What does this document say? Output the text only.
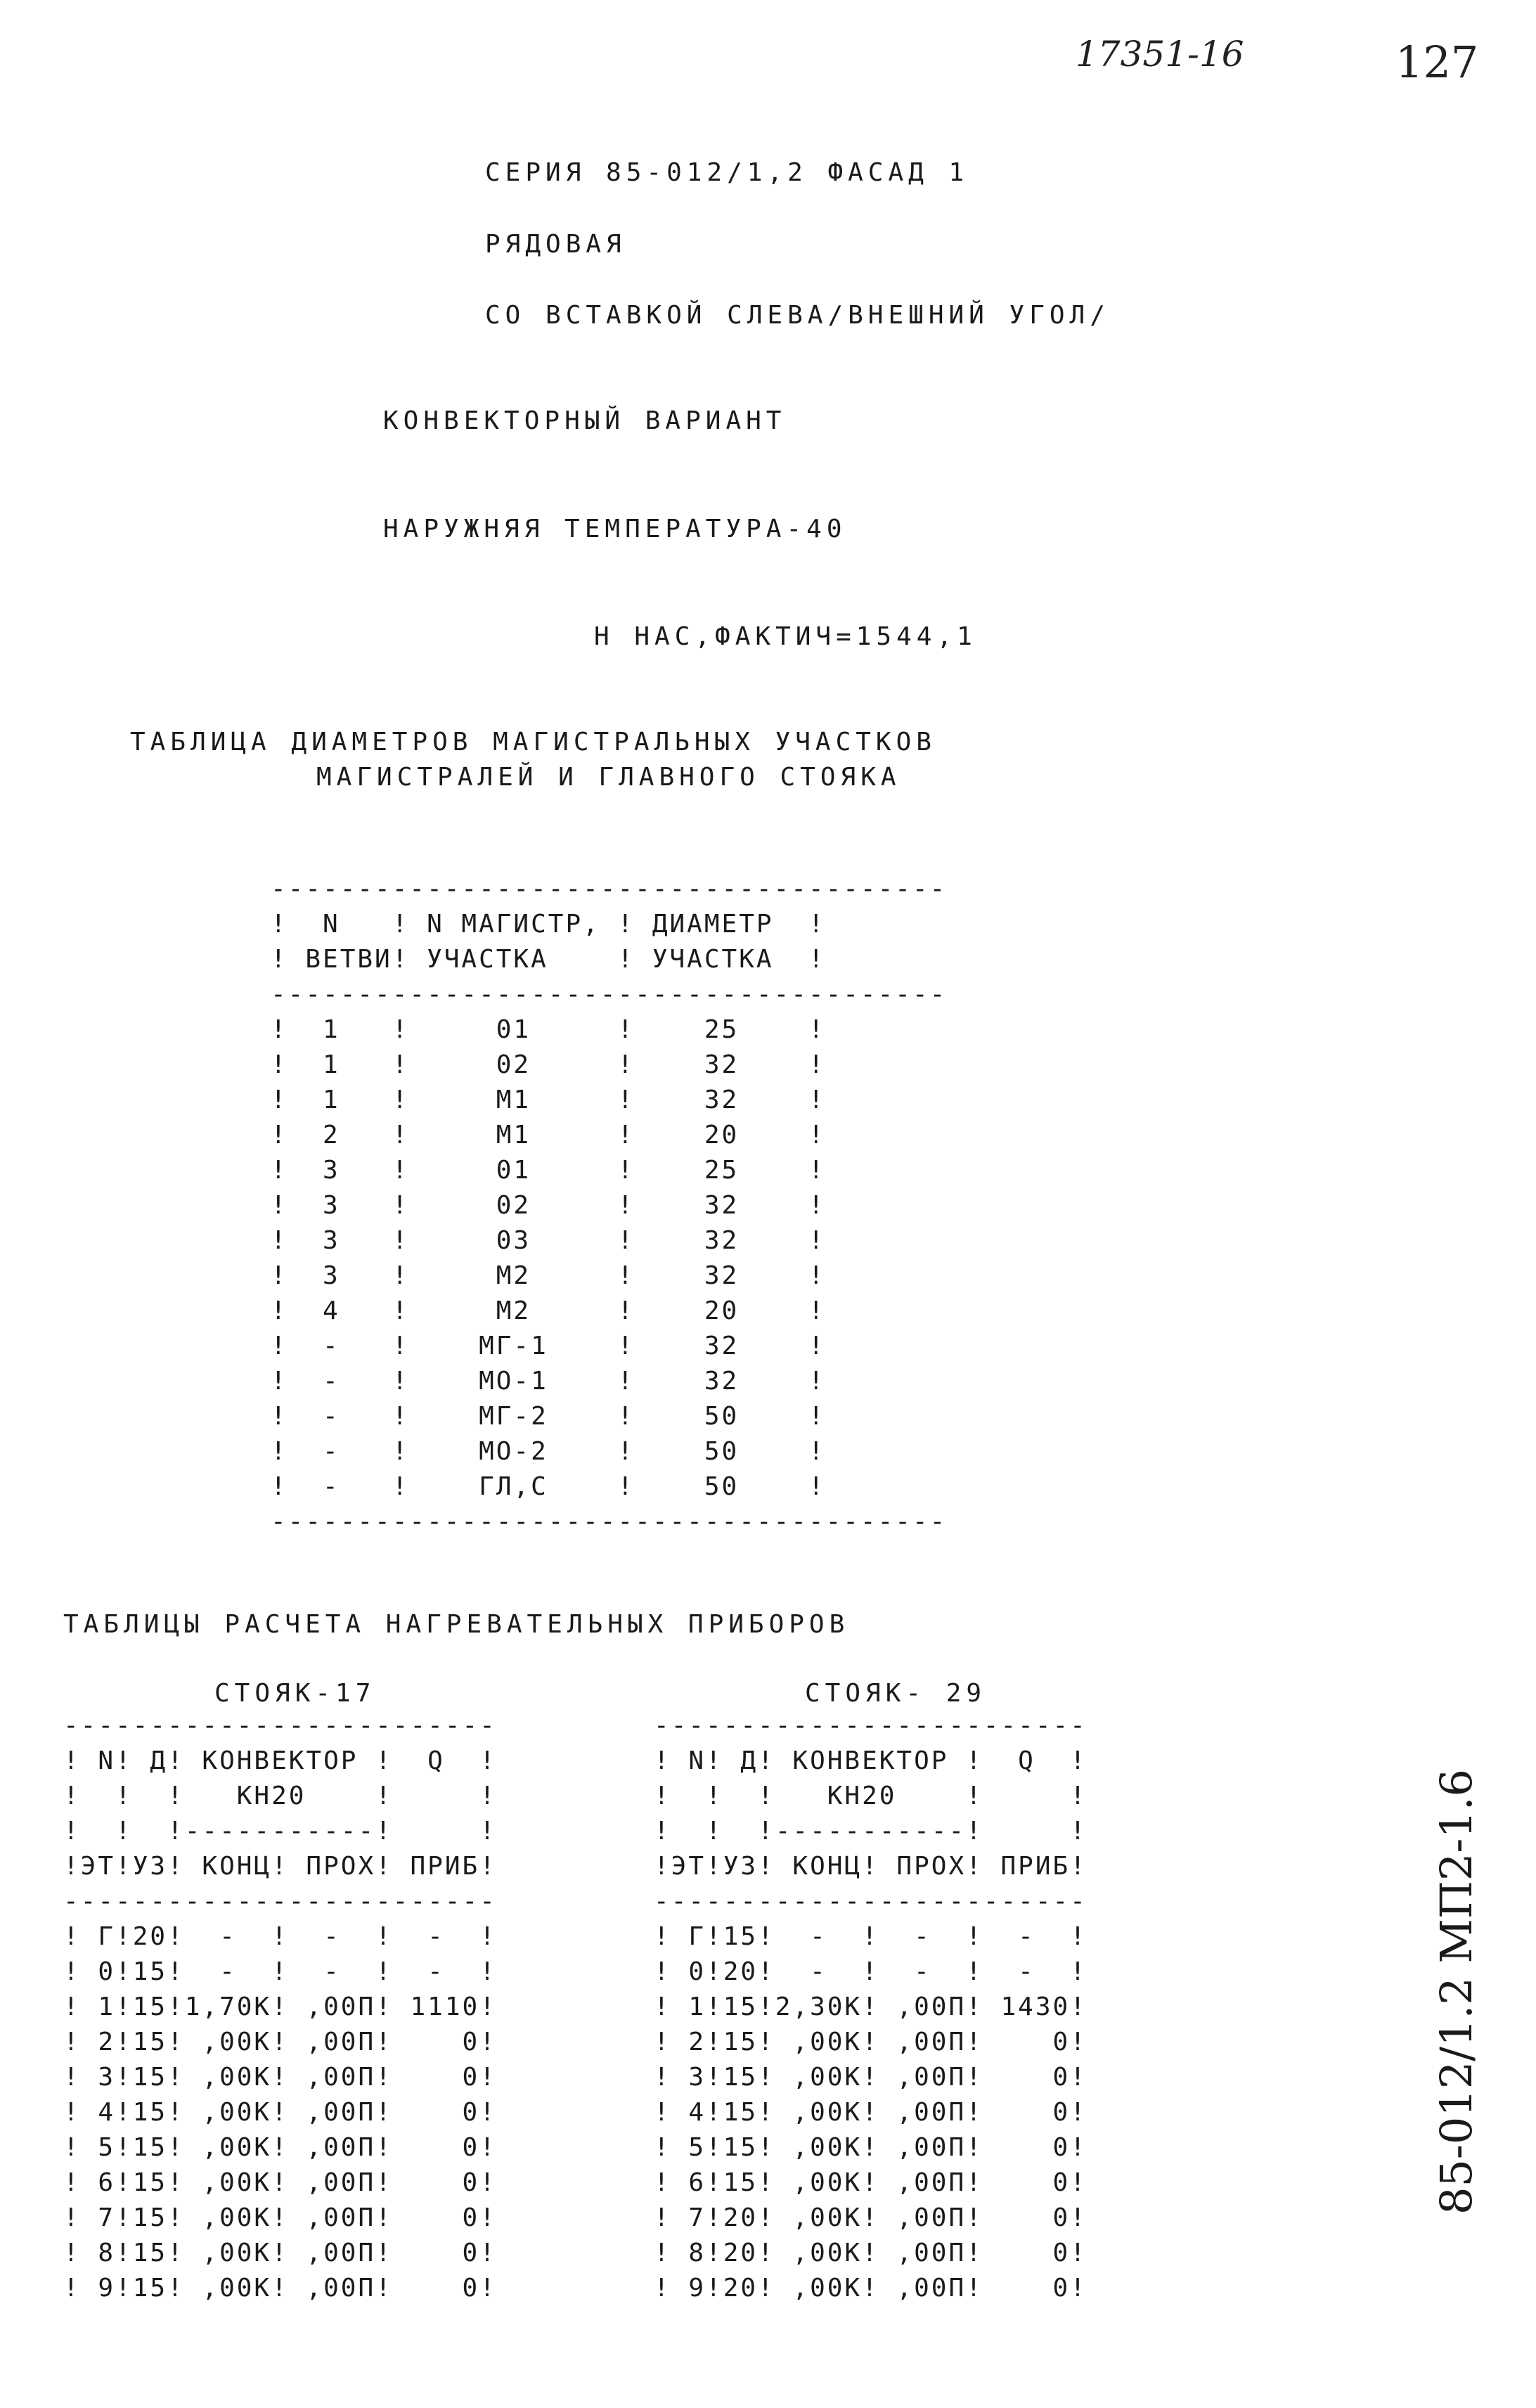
17351-16	127
СЕРИЯ 85-012/1,2 ФАСАД 1
РЯДОВАЯ
СО ВСТАВКОЙ СЛЕВА/ВНЕШНИЙ УГОЛ/
КОНВЕКТОРНЫЙ ВАРИАНТ
НАРУЖНЯЯ ТЕМПЕРАТУРА-40
Н НАС,ФАКТИЧ=1544,1
ТАБЛИЦА ДИАМЕТРОВ МАГИСТРАЛЬНЫХ УЧАСТКОВ
МАГИСТРАЛЕЙ И ГЛАВНОГО СТОЯКА
---------------------------------------
!  N   ! N МАГИСТР, ! ДИАМЕТР  !
! ВЕТВИ! УЧАСТКА    ! УЧАСТКА  !
---------------------------------------
!  1   !     01     !    25    !
!  1   !     02     !    32    !
!  1   !     М1     !    32    !
!  2   !     М1     !    20    !
!  3   !     01     !    25    !
!  3   !     02     !    32    !
!  3   !     03     !    32    !
!  3   !     М2     !    32    !
!  4   !     М2     !    20    !
!  -   !    МГ-1    !    32    !
!  -   !    МО-1    !    32    !
!  -   !    МГ-2    !    50    !
!  -   !    МО-2    !    50    !
!  -   !    ГЛ,С    !    50    !
---------------------------------------
ТАБЛИЦЫ РАСЧЕТА НАГРЕВАТЕЛЬНЫХ ПРИБОРОВ
СТОЯК-17	СТОЯК- 29
-------------------------
! N! Д! КОНВЕКТОР !  Q  !
!  !  !   КН20    !     !
!  !  !-----------!     !
!ЭТ!УЗ! КОНЦ! ПРОХ! ПРИБ!
-------------------------
! Г!20!  -  !  -  !  -  !
! 0!15!  -  !  -  !  -  !
! 1!15!1,70К! ,00П! 1110!
! 2!15! ,00К! ,00П!    0!
! 3!15! ,00К! ,00П!    0!
! 4!15! ,00К! ,00П!    0!
! 5!15! ,00К! ,00П!    0!
! 6!15! ,00К! ,00П!    0!
! 7!15! ,00К! ,00П!    0!
! 8!15! ,00К! ,00П!    0!
! 9!15! ,00К! ,00П!    0!
-------------------------
! N! Д! КОНВЕКТОР !  Q  !
!  !  !   КН20    !     !
!  !  !-----------!     !
!ЭТ!УЗ! КОНЦ! ПРОХ! ПРИБ!
-------------------------
! Г!15!  -  !  -  !  -  !
! 0!20!  -  !  -  !  -  !
! 1!15!2,30К! ,00П! 1430!
! 2!15! ,00К! ,00П!    0!
! 3!15! ,00К! ,00П!    0!
! 4!15! ,00К! ,00П!    0!
! 5!15! ,00К! ,00П!    0!
! 6!15! ,00К! ,00П!    0!
! 7!20! ,00К! ,00П!    0!
! 8!20! ,00К! ,00П!    0!
! 9!20! ,00К! ,00П!    0!
85-012/1.2 МП2-1.6
